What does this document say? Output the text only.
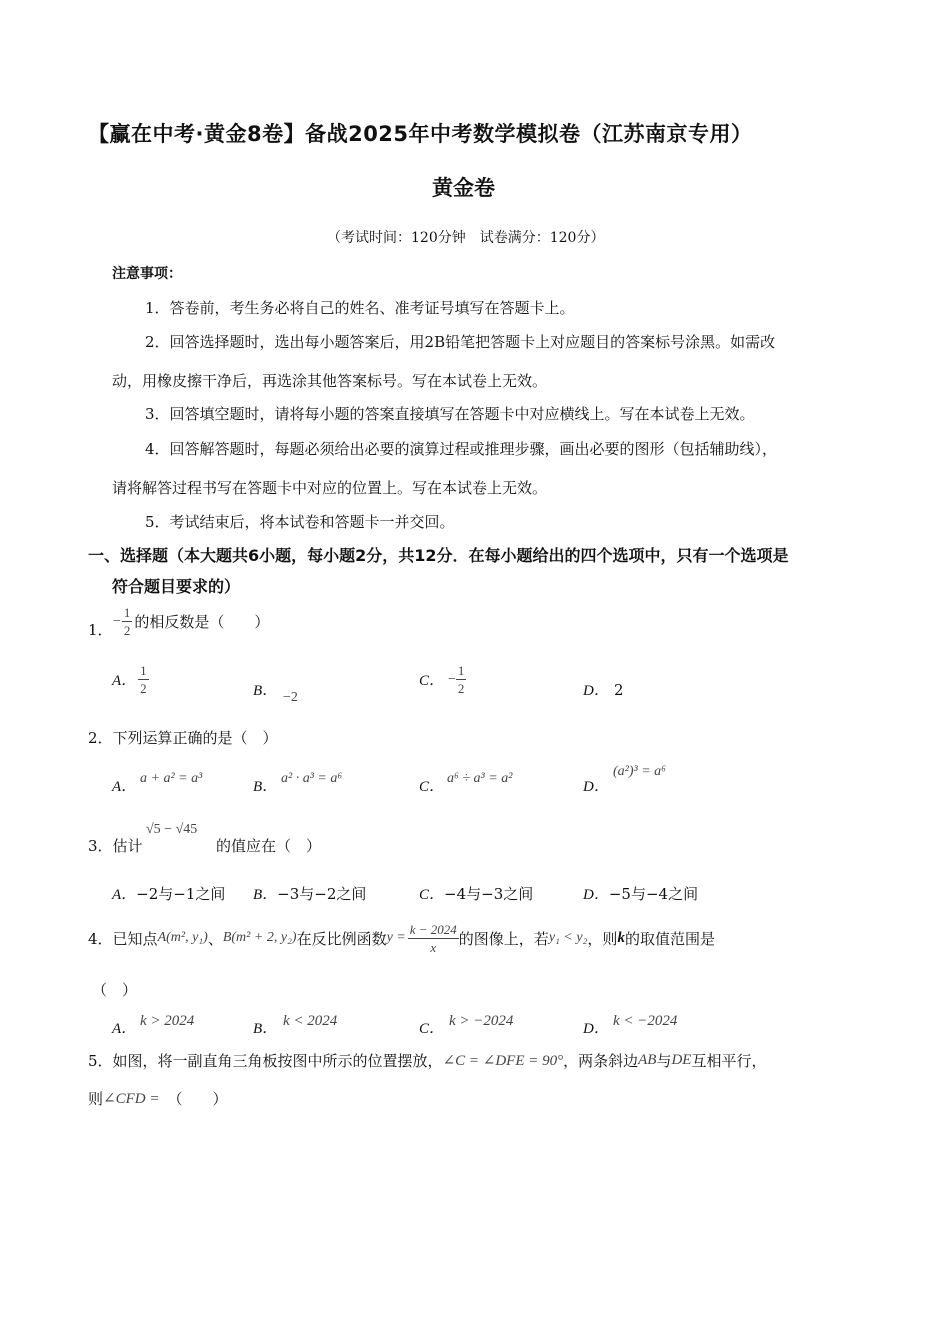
【赢在中考·黄金8卷】备战2025年中考数学模拟卷（江苏南京专用）
黄金卷
（考试时间：120分钟　试卷满分：120分）
注意事项：
1．答卷前，考生务必将自己的姓名、准考证号填写在答题卡上。
2．回答选择题时，选出每小题答案后，用2B铅笔把答题卡上对应题目的答案标号涂黑。如需改
动，用橡皮擦干净后，再选涂其他答案标号。写在本试卷上无效。
3．回答填空题时，请将每小题的答案直接填写在答题卡中对应横线上。写在本试卷上无效。
4．回答解答题时，每题必须给出必要的演算过程或推理步骤，画出必要的图形（包括辅助线），
请将解答过程书写在答题卡中对应的位置上。写在本试卷上无效。
5．考试结束后，将本试卷和答题卡一并交回。
一、选择题（本大题共6小题，每小题2分，共12分．在每小题给出的四个选项中，只有一个选项是
符合题目要求的）
1． − $\frac{1}{2}$ 的相反数是（　　）
A． $\frac{1}{2}$	B． −2
C． − $\frac{1}{2}$	D． 2
2．下列运算正确的是（　）
A．
a + a² = a³
B．
a² · a³ = a⁶
C．
a⁶ ÷ a³ = a²
D．
(a²)³ = a⁶
3．估计
√5 − √45
的值应在（　）
A．−2与−1之间 B．−3与−2之间	C．−4与−3之间	D．−5与−4之间
4． 已知点 A(m², y₁) 、 B(m² + 2, y₂) 在反比例函数 $y = \frac{k - 2024}{x}$ 的图像上，若 y₁ < y₂ ，则 k 的取值范围是
（　）
A． k > 2024	B． k < 2024	C． k > −2024	D． k < −2024
5． 如图，将一副直角三角板按图中所示的位置摆放， ∠C = ∠DFE = 90° ，两条斜边 AB 与 DE 互相平行，
则 ∠CFD = （　　）
